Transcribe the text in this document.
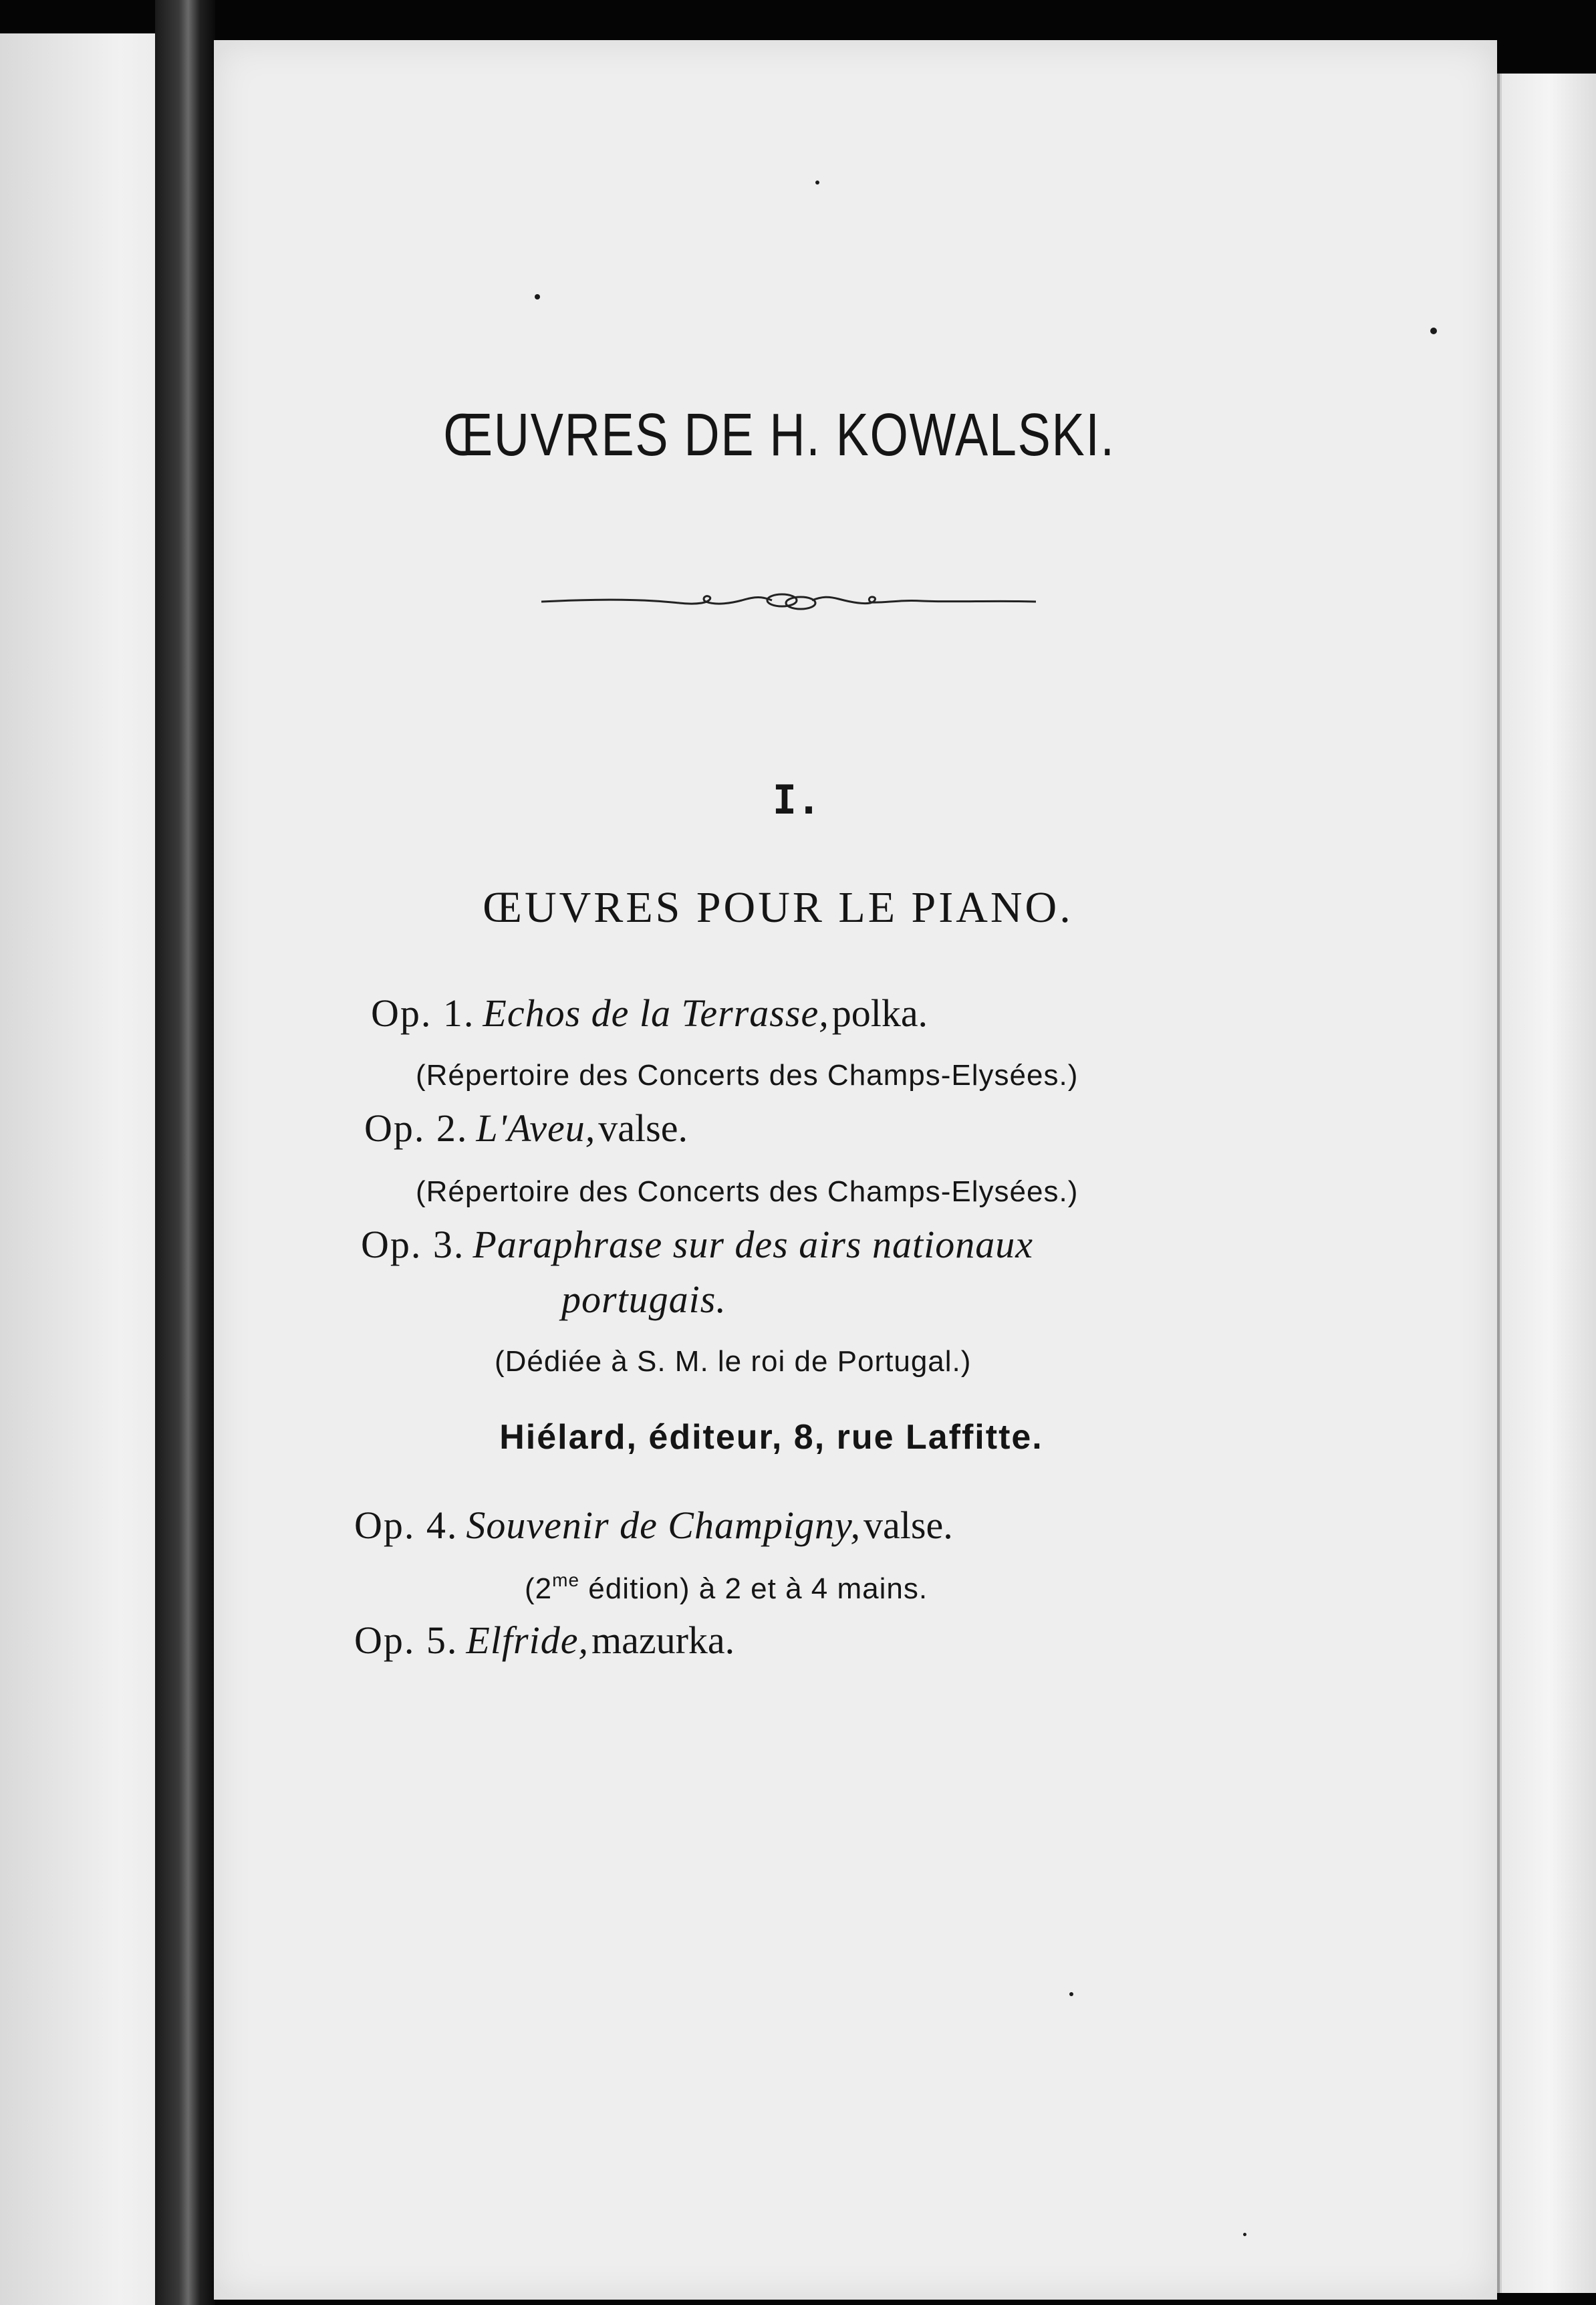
ŒUVRES DE H. KOWALSKI.
I.
ŒUVRES POUR LE PIANO.
Op. 1. Echos de la Terrasse, polka.
(Répertoire des Concerts des Champs-Elysées.)
Op. 2. L'Aveu, valse.
(Répertoire des Concerts des Champs-Elysées.)
Op. 3. Paraphrase sur des airs nationaux
portugais.
(Dédiée à S. M. le roi de Portugal.)
Hiélard, éditeur, 8, rue Laffitte.
Op. 4. Souvenir de Champigny, valse.
($2^{me}$ édition) à 2 et à 4 mains.
Op. 5. Elfride, mazurka.
